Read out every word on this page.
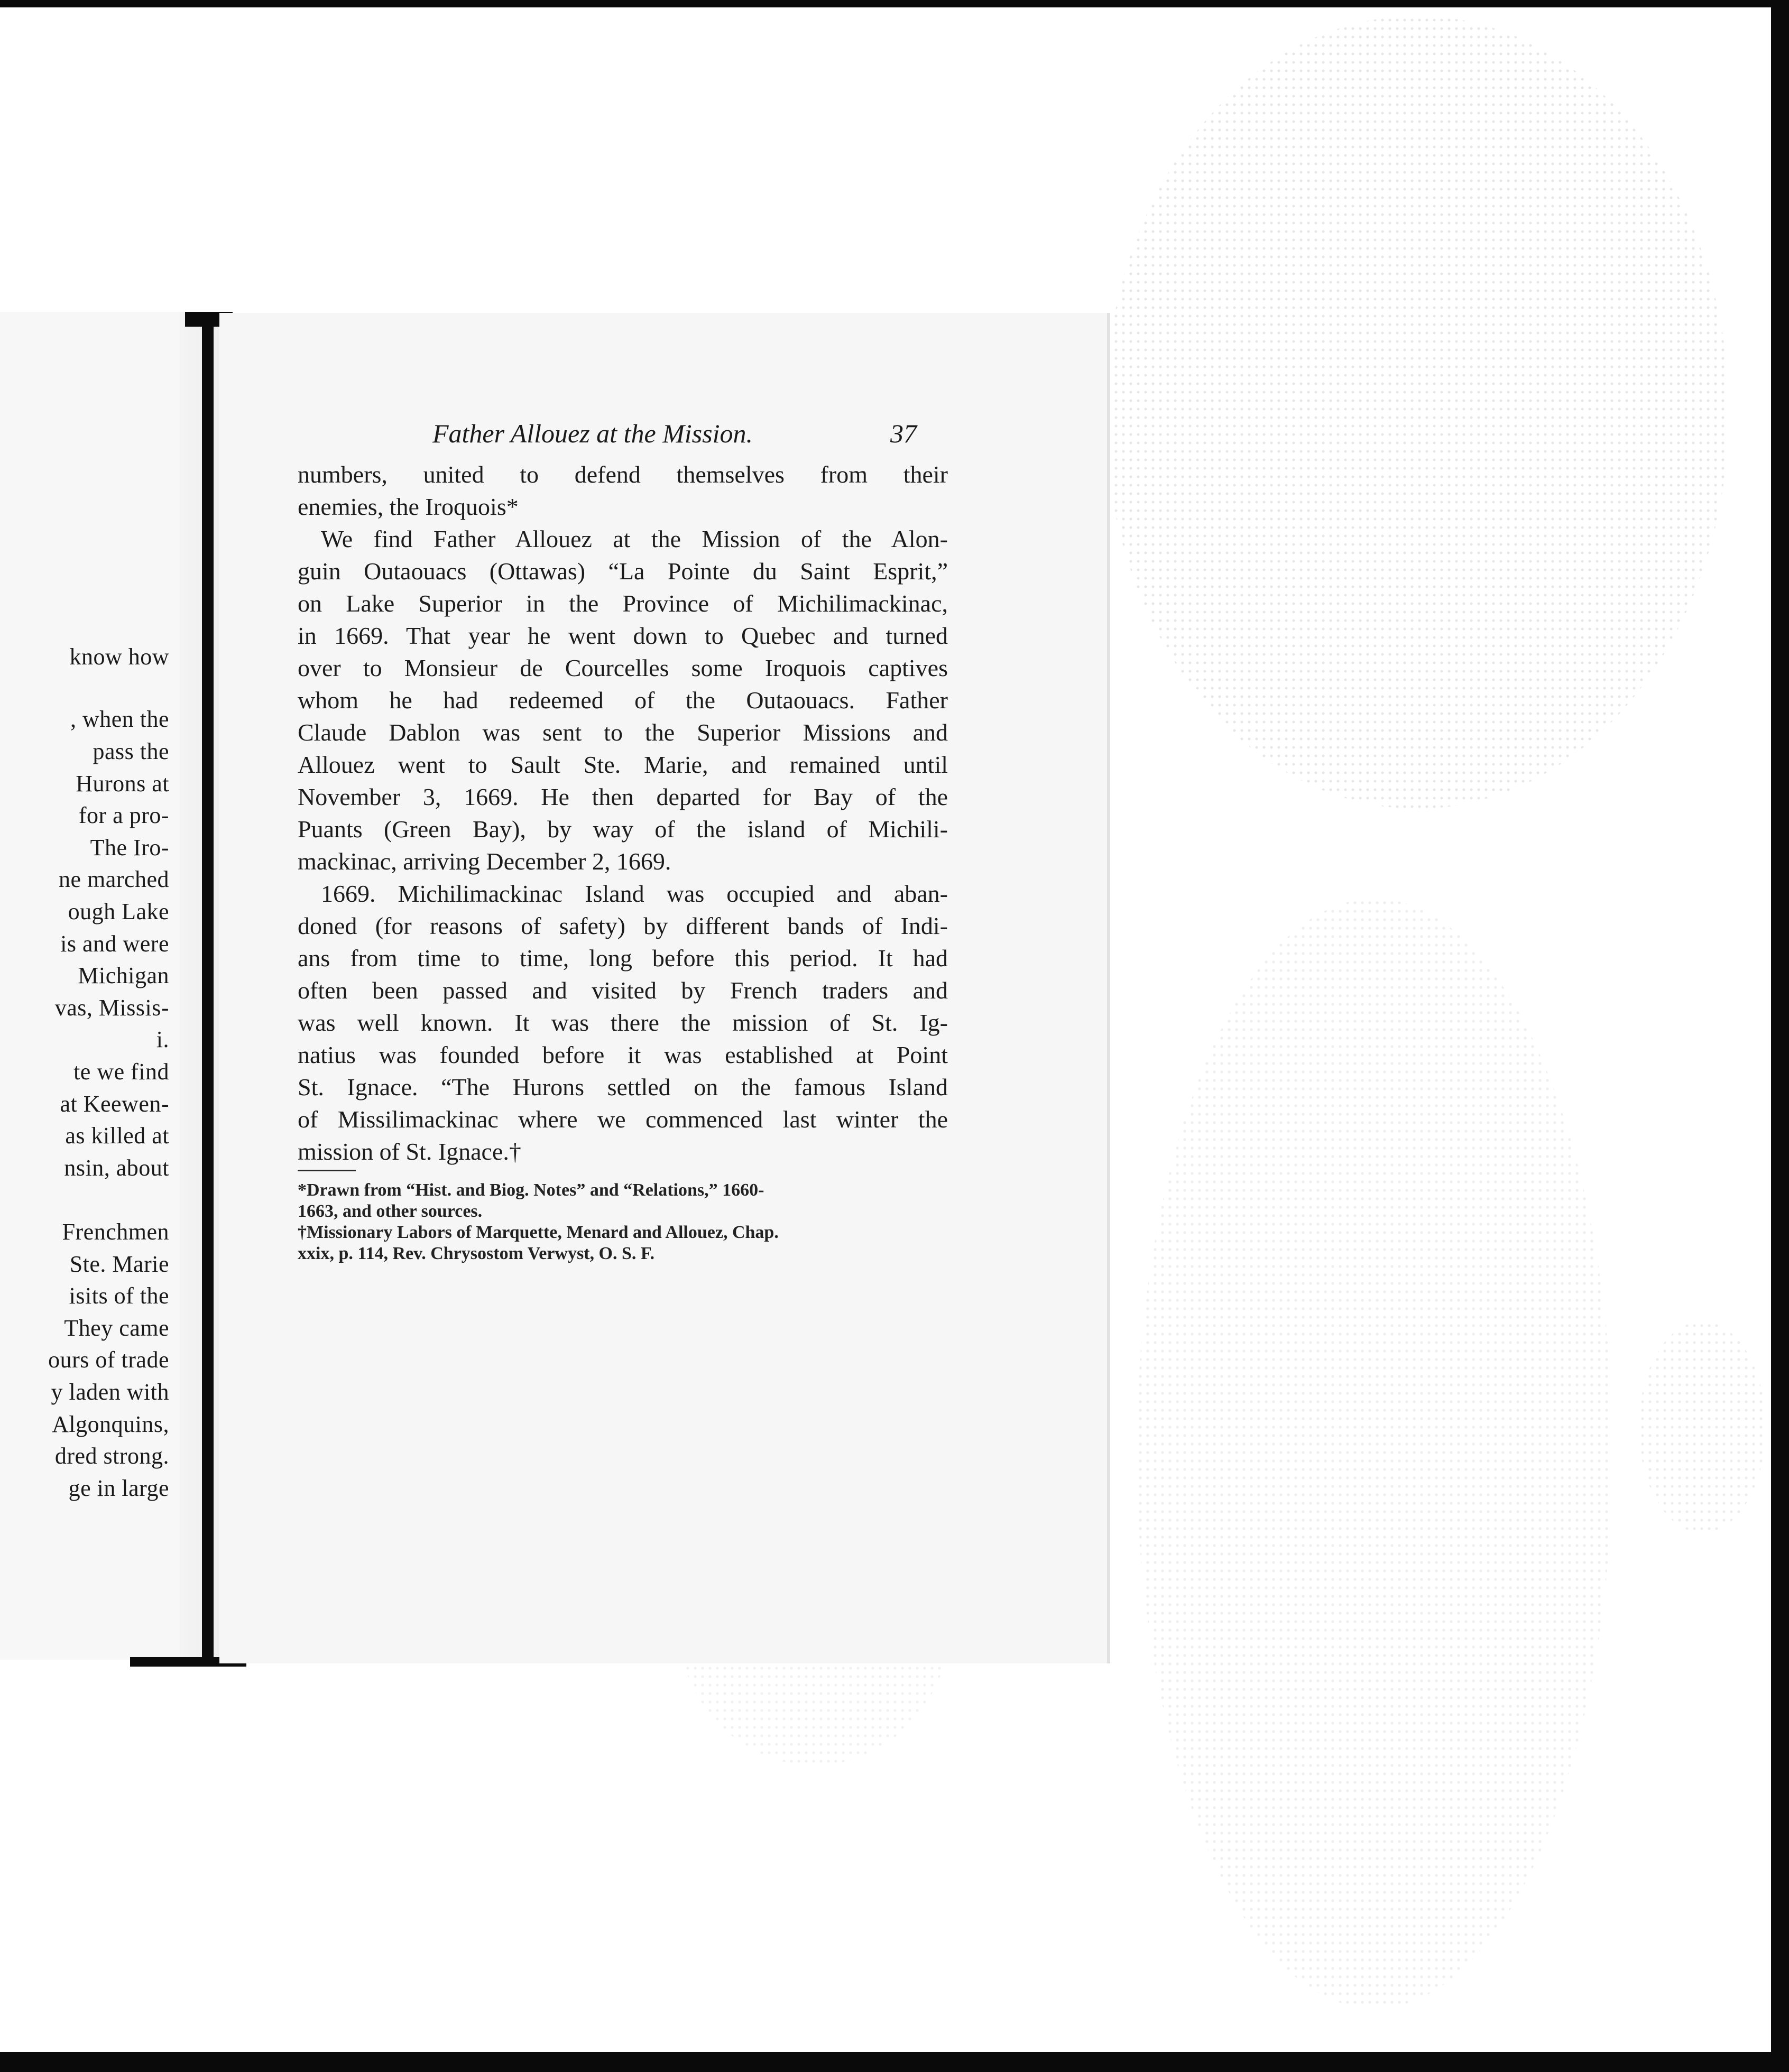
know how
, when the
pass the
Hurons at
for a pro-
The Iro-
ne marched
ough Lake
is and were
Michigan
vas, Missis-
i.
te we find
at Keewen-
as killed at
nsin, about
Frenchmen
Ste. Marie
isits of the
They came
ours of trade
y laden with
Algonquins,
dred strong.
ge in large
Father Allouez at the Mission.	37
numbers, united to defend themselves from their
enemies, the Iroquois*
We find Father Allouez at the Mission of the Alon-
guin Outaouacs (Ottawas) “La Pointe du Saint Esprit,”
on Lake Superior in the Province of Michilimackinac,
in 1669. That year he went down to Quebec and turned
over to Monsieur de Courcelles some Iroquois captives
whom he had redeemed of the Outaouacs. Father
Claude Dablon was sent to the Superior Missions and
Allouez went to Sault Ste. Marie, and remained until
November 3, 1669. He then departed for Bay of the
Puants (Green Bay), by way of the island of Michili-
mackinac, arriving December 2, 1669.
1669. Michilimackinac Island was occupied and aban-
doned (for reasons of safety) by different bands of Indi-
ans from time to time, long before this period. It had
often been passed and visited by French traders and
was well known. It was there the mission of St. Ig-
natius was founded before it was established at Point
St. Ignace. “The Hurons settled on the famous Island
of Missilimackinac where we commenced last winter the
mission of St. Ignace.†
*Drawn from “Hist. and Biog. Notes” and “Relations,” 1660-
1663, and other sources.
†Missionary Labors of Marquette, Menard and Allouez, Chap.
xxix, p. 114, Rev. Chrysostom Verwyst, O. S. F.
